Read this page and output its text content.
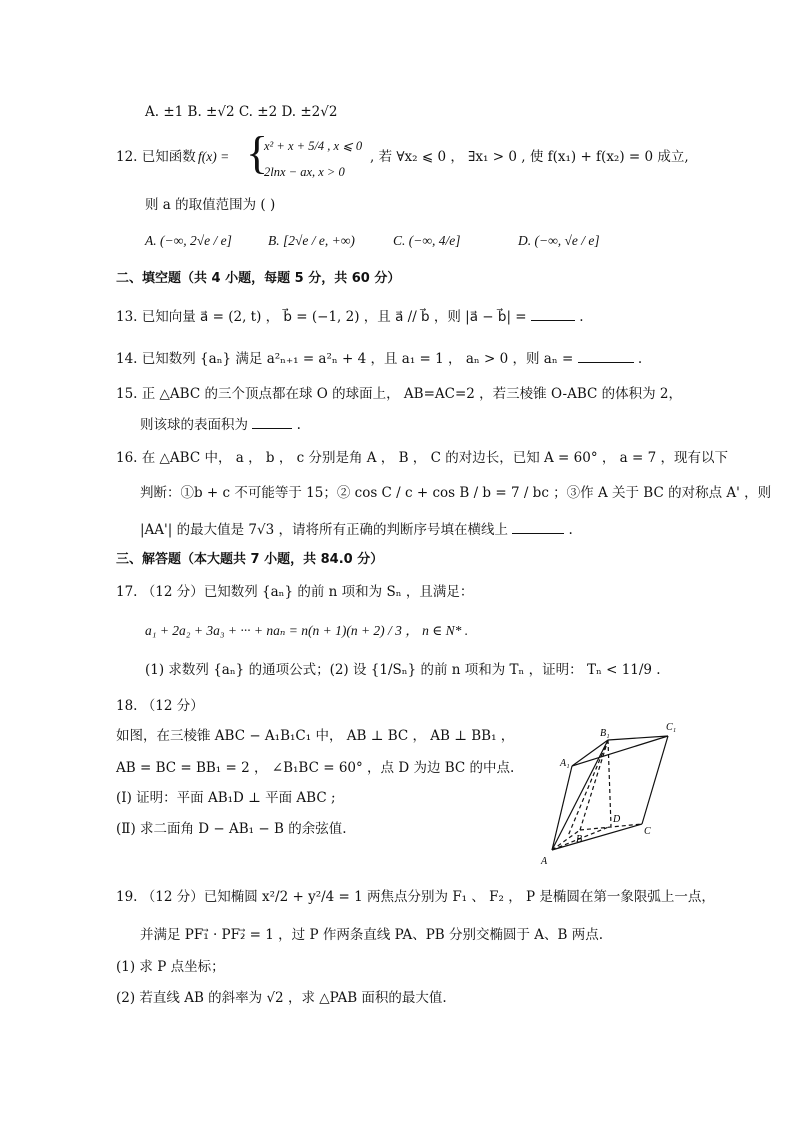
A. ±1 B. ±√2 C. ±2 D. ±2√2
12. 已知函数 f(x) = {
x² + x + 5/4 , x ⩽ 0
2lnx − ax, x > 0
, 若 ∀x₂ ⩽ 0 ， ∃x₁ > 0 , 使 f(x₁) + f(x₂) = 0 成立,
则 a 的取值范围为 ( )
A. (−∞, 2√e / e]	B. [2√e / e, +∞)	C. (−∞, 4/e]	D. (−∞, √e / e]
二、填空题（共 4 小题，每题 5 分，共 60 分）
13. 已知向量 a⃗ = (2, t) ， b⃗ = (−1, 2) ，且 a⃗ // b⃗ ，则 |a⃗ − b⃗| =	.
14. 已知数列 {aₙ} 满足 a²ₙ₊₁ = a²ₙ + 4 ，且 a₁ = 1 ， aₙ > 0 ，则 aₙ =	.
15. 正 △ABC 的三个顶点都在球 O 的球面上， AB=AC=2 ，若三棱锥 O-ABC 的体积为 2，
则该球的表面积为	.
16. 在 △ABC 中， a ， b ， c 分别是角 A ， B ， C 的对边长，已知 A = 60° ， a = 7 ，现有以下
判断：①b + c 不可能等于 15；② cos C / c + cos B / b = 7 / bc ；③作 A 关于 BC 的对称点 A' ，则
|AA'| 的最大值是 7√3 ，请将所有正确的判断序号填在横线上	.
三、解答题（本大题共 7 小题，共 84.0 分）
17. （12 分）已知数列 {aₙ} 的前 n 项和为 Sₙ ，且满足：
a₁ + 2a₂ + 3a₃ + ··· + naₙ = n(n + 1)(n + 2) / 3 ， n ∈ N* .
(1) 求数列 {aₙ} 的通项公式；(2) 设 {1/Sₙ} 的前 n 项和为 Tₙ ，证明： Tₙ < 11/9 .
18. （12 分）
如图，在三棱锥 ABC − A₁B₁C₁ 中， AB ⊥ BC ， AB ⊥ BB₁ ，
AB = BC = BB₁ = 2 ， ∠B₁BC = 60° ，点 D 为边 BC 的中点.
(Ⅰ) 证明：平面 AB₁D ⊥ 平面 ABC ;
(Ⅱ) 求二面角 D − AB₁ − B 的余弦值.
A
B
C
D
A₁
B₁
C₁
19. （12 分）已知椭圆 x²/2 + y²/4 = 1 两焦点分别为 F₁ 、 F₂ ， P 是椭圆在第一象限弧上一点，
并满足 PF₁⃗ · PF₂⃗ = 1 ，过 P 作两条直线 PA、PB 分别交椭圆于 A、B 两点.
(1) 求 P 点坐标；
(2) 若直线 AB 的斜率为 √2 ，求 △PAB 面积的最大值.
